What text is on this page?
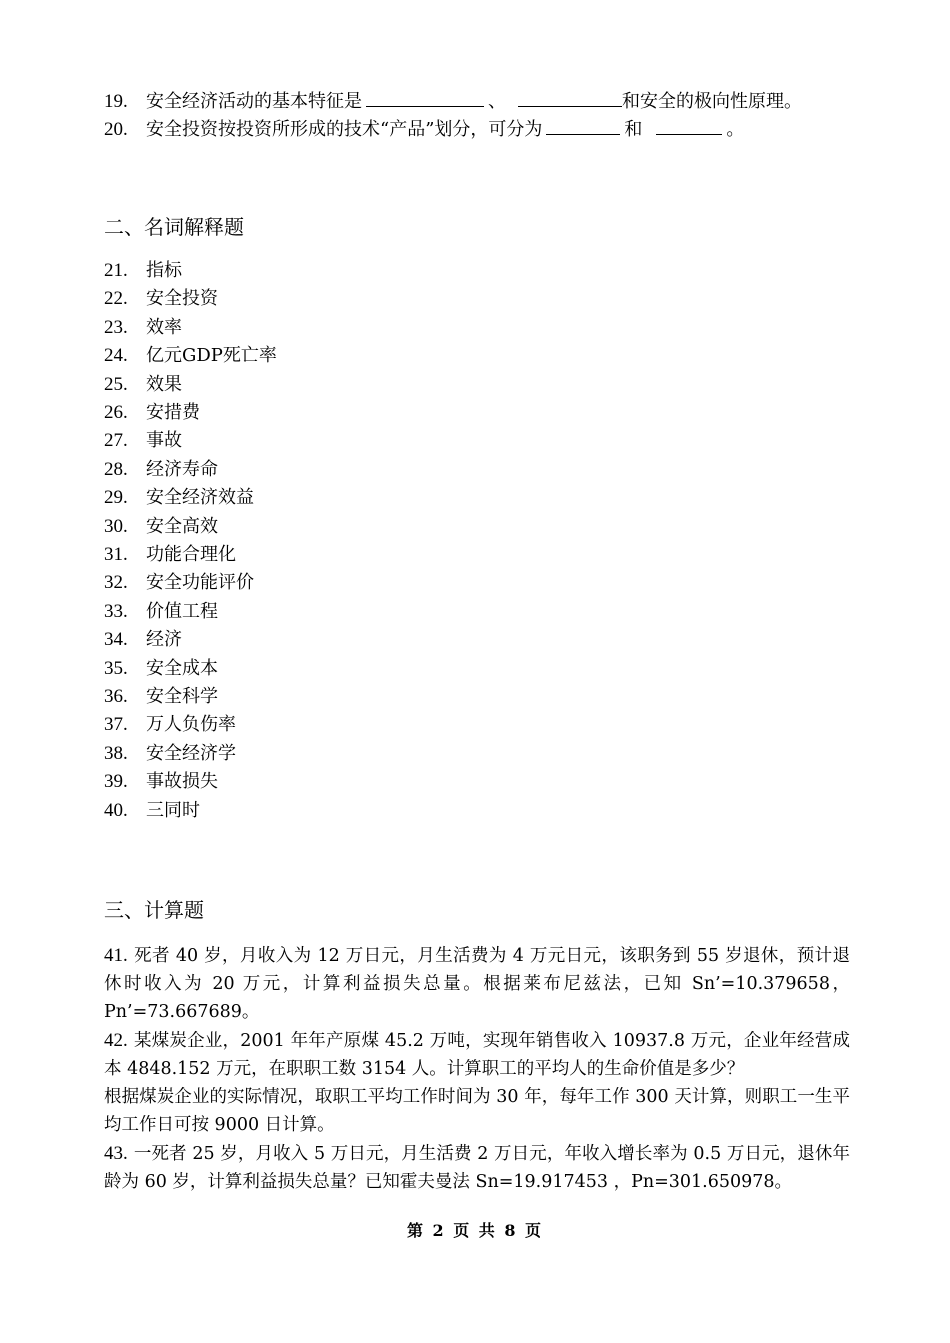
19. 安全经济活动的基本特征是	、	和安全的极向性原理。
20. 安全投资按投资所形成的技术“产品”划分，可分为	和	。
二、名词解释题
21. 指标
22. 安全投资
23. 效率
24. 亿元GDP死亡率
25. 效果
26. 安措费
27. 事故
28. 经济寿命
29. 安全经济效益
30. 安全高效
31. 功能合理化
32. 安全功能评价
33. 价值工程
34. 经济
35. 安全成本
36. 安全科学
37. 万人负伤率
38. 安全经济学
39. 事故损失
40. 三同时
三、计算题
41. 死者 40 岁，月收入为 12 万日元，月生活费为 4 万元日元，该职务到 55 岁退休，预计退休时收入为 20 万元，计算利益损失总量。根据莱布尼兹法，已知 Sn’=10.379658， Pn’=73.667689。
42. 某煤炭企业，2001 年年产原煤 45.2 万吨，实现年销售收入 10937.8 万元，企业年经营成本 4848.152 万元，在职职工数 3154 人。计算职工的平均人的生命价值是多少？
根据煤炭企业的实际情况，取职工平均工作时间为 30 年，每年工作 300 天计算，则职工一生平均工作日可按 9000 日计算。
43. 一死者 25 岁，月收入 5 万日元，月生活费 2 万日元，年收入增长率为 0.5 万日元，退休年龄为 60 岁，计算利益损失总量？已知霍夫曼法 Sn=19.917453 ，Pn=301.650978。
第 2 页 共 8 页
